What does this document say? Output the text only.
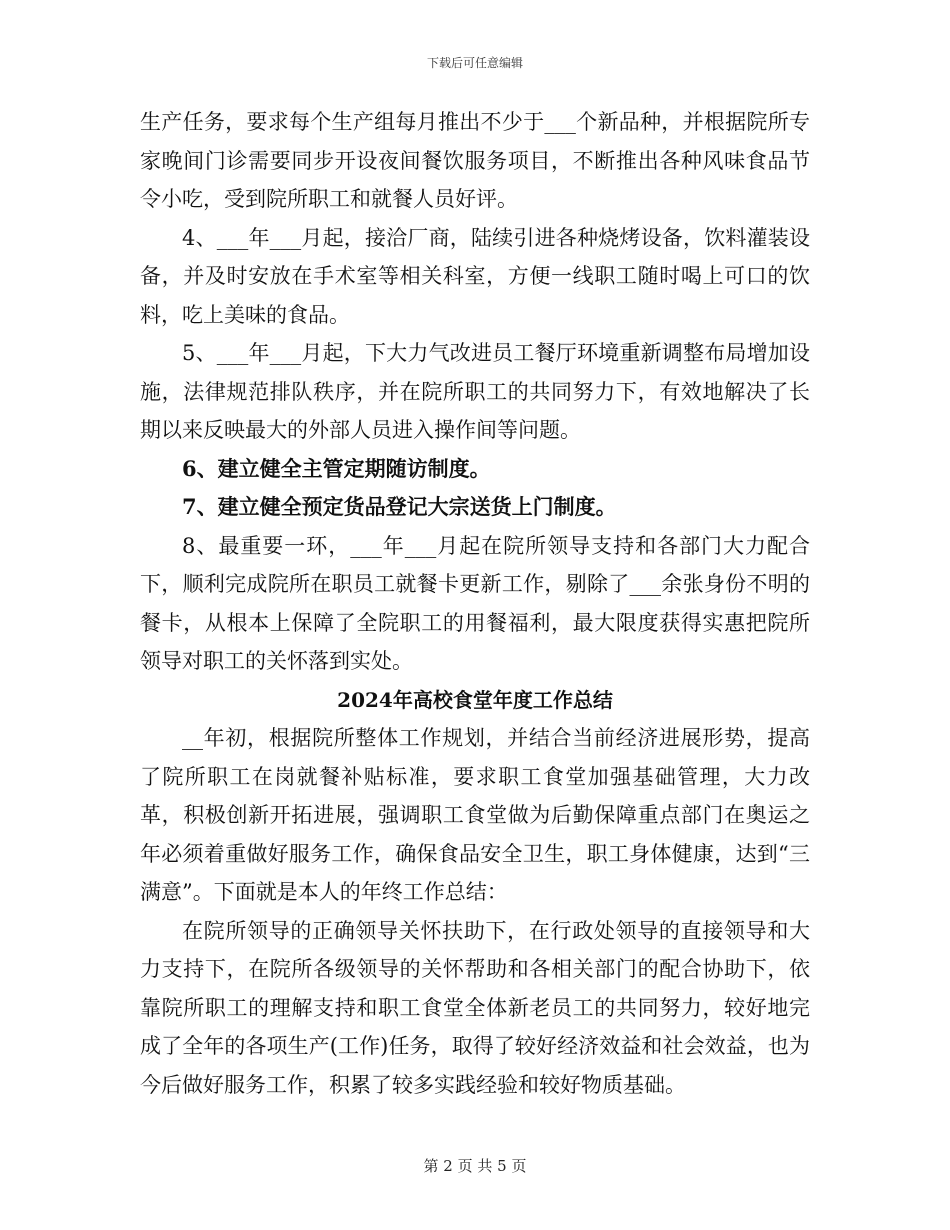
下载后可任意编辑

生产任务，要求每个生产组每月推出不少于___个新品种，并根据院所专家晚间门诊需要同步开设夜间餐饮服务项目，不断推出各种风味食品节令小吃，受到院所职工和就餐人员好评。

4、___年___月起，接洽厂商，陆续引进各种烧烤设备，饮料灌装设备，并及时安放在手术室等相关科室，方便一线职工随时喝上可口的饮料，吃上美味的食品。

5、___年___月起，下大力气改进员工餐厅环境重新调整布局增加设施，法律规范排队秩序，并在院所职工的共同努力下，有效地解决了长期以来反映最大的外部人员进入操作间等问题。

6、建立健全主管定期随访制度。

7、建立健全预定货品登记大宗送货上门制度。

8、最重要一环，___年___月起在院所领导支持和各部门大力配合下，顺利完成院所在职员工就餐卡更新工作，剔除了___余张身份不明的餐卡，从根本上保障了全院职工的用餐福利，最大限度获得实惠把院所领导对职工的关怀落到实处。

2024年高校食堂年度工作总结

__年初，根据院所整体工作规划，并结合当前经济进展形势，提高了院所职工在岗就餐补贴标准，要求职工食堂加强基础管理，大力改革，积极创新开拓进展，强调职工食堂做为后勤保障重点部门在奥运之年必须着重做好服务工作，确保食品安全卫生，职工身体健康，达到“三满意”。下面就是本人的年终工作总结：

在院所领导的正确领导关怀扶助下，在行政处领导的直接领导和大力支持下，在院所各级领导的关怀帮助和各相关部门的配合协助下，依靠院所职工的理解支持和职工食堂全体新老员工的共同努力，较好地完成了全年的各项生产(工作)任务，取得了较好经济效益和社会效益，也为今后做好服务工作，积累了较多实践经验和较好物质基础。

第 2 页 共 5 页
